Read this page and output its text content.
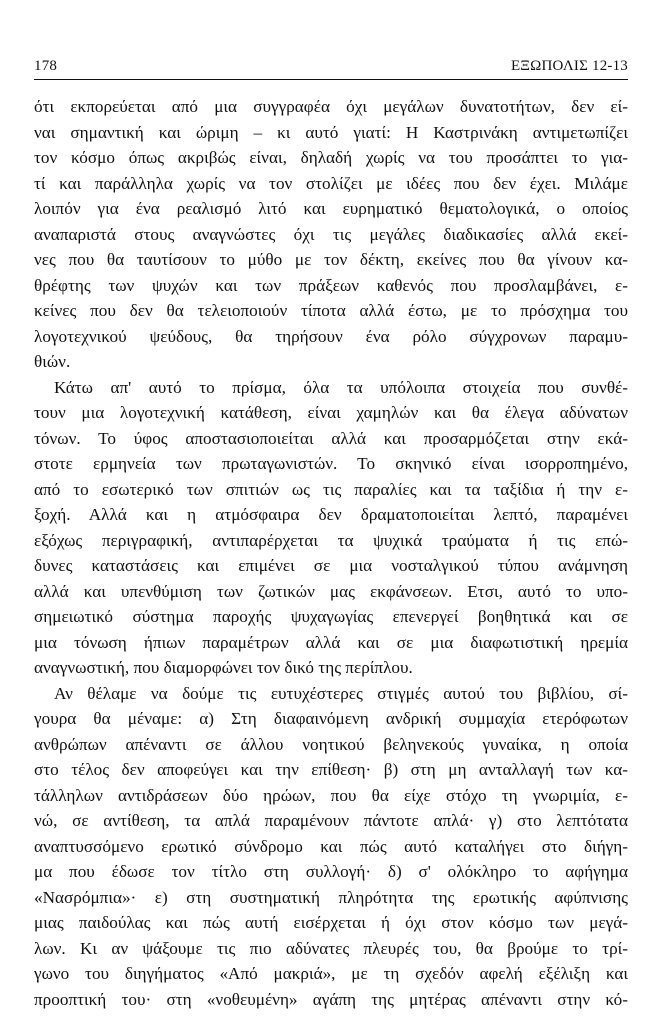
178	ΕΞΩΠΟΛΙΣ 12-13

ότι εκπορεύεται από μια συγγραφέα όχι μεγάλων δυνατοτήτων, δεν εί-
ναι σημαντική και ώριμη – κι αυτό γιατί: Η Καστρινάκη αντιμετωπίζει
τον κόσμο όπως ακριβώς είναι, δηλαδή χωρίς να του προσάπτει το για-
τί και παράλληλα χωρίς να τον στολίζει με ιδέες που δεν έχει. Μιλάμε
λοιπόν για ένα ρεαλισμό λιτό και ευρηματικό θεματολογικά, ο οποίος
αναπαριστά στους αναγνώστες όχι τις μεγάλες διαδικασίες αλλά εκεί-
νες που θα ταυτίσουν το μύθο με τον δέκτη, εκείνες που θα γίνουν κα-
θρέφτης των ψυχών και των πράξεων καθενός που προσλαμβάνει, ε-
κείνες που δεν θα τελειοποιούν τίποτα αλλά έστω, με το πρόσχημα του
λογοτεχνικού ψεύδους, θα τηρήσουν ένα ρόλο σύγχρονων παραμυ-
θιών.

Κάτω απ' αυτό το πρίσμα, όλα τα υπόλοιπα στοιχεία που συνθέ-
τουν μια λογοτεχνική κατάθεση, είναι χαμηλών και θα έλεγα αδύνατων
τόνων. Το ύφος αποστασιοποιείται αλλά και προσαρμόζεται στην εκά-
στοτε ερμηνεία των πρωταγωνιστών. Το σκηνικό είναι ισορροπημένο,
από το εσωτερικό των σπιτιών ως τις παραλίες και τα ταξίδια ή την ε-
ξοχή. Αλλά και η ατμόσφαιρα δεν δραματοποιείται λεπτό, παραμένει
εξόχως περιγραφική, αντιπαρέρχεται τα ψυχικά τραύματα ή τις επώ-
δυνες καταστάσεις και επιμένει σε μια νοσταλγικού τύπου ανάμνηση
αλλά και υπενθύμιση των ζωτικών μας εκφάνσεων. Ετσι, αυτό το υπο-
σημειωτικό σύστημα παροχής ψυχαγωγίας επενεργεί βοηθητικά και σε
μια τόνωση ήπιων παραμέτρων αλλά και σε μια διαφωτιστική ηρεμία
αναγνωστική, που διαμορφώνει τον δικό της περίπλου.

Αν θέλαμε να δούμε τις ευτυχέστερες στιγμές αυτού του βιβλίου, σί-
γουρα θα μέναμε: α) Στη διαφαινόμενη ανδρική συμμαχία ετερόφωτων
ανθρώπων απέναντι σε άλλου νοητικού βεληνεκούς γυναίκα, η οποία
στο τέλος δεν αποφεύγει και την επίθεση· β) στη μη ανταλλαγή των κα-
τάλληλων αντιδράσεων δύο ηρώων, που θα είχε στόχο τη γνωριμία, ε-
νώ, σε αντίθεση, τα απλά παραμένουν πάντοτε απλά· γ) στο λεπτότατα
αναπτυσσόμενο ερωτικό σύνδρομο και πώς αυτό καταλήγει στο διήγη-
μα που έδωσε τον τίτλο στη συλλογή· δ) σ' ολόκληρο το αφήγημα
«Νασρόμπια»· ε) στη συστηματική πληρότητα της ερωτικής αφύπνισης
μιας παιδούλας και πώς αυτή εισέρχεται ή όχι στον κόσμο των μεγά-
λων. Κι αν ψάξουμε τις πιο αδύνατες πλευρές του, θα βρούμε το τρί-
γωνο του διηγήματος «Από μακριά», με τη σχεδόν αφελή εξέλιξη και
προοπτική του· στη «νοθευμένη» αγάπη της μητέρας απέναντι στην κό-
